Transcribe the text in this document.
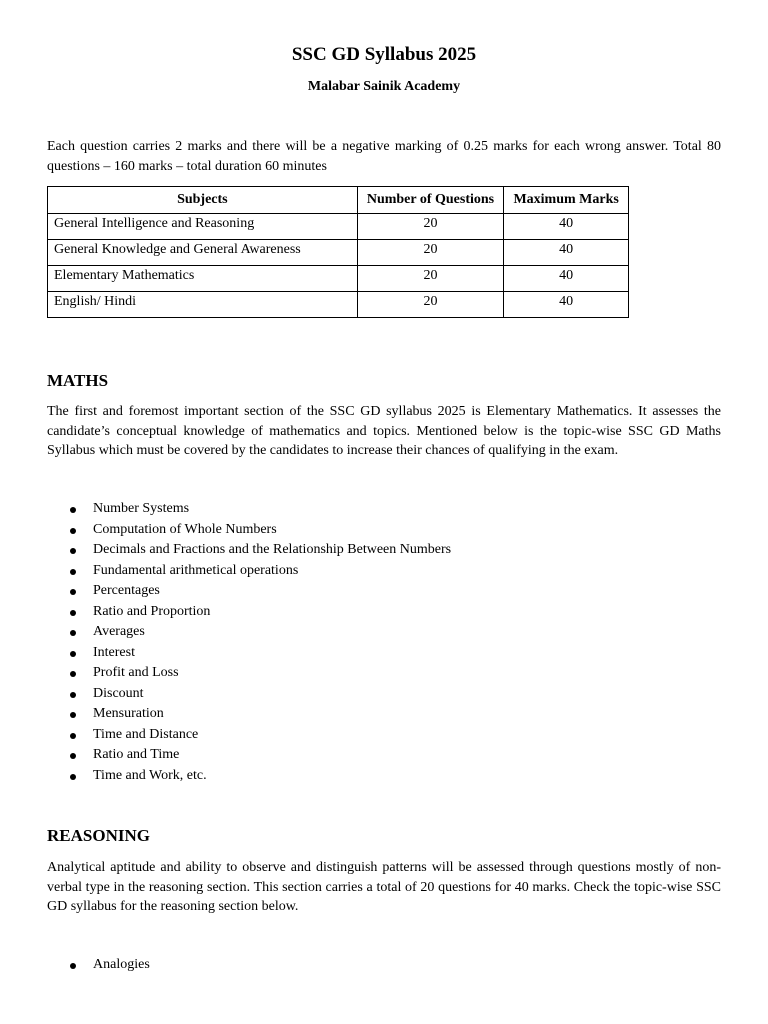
SSC GD Syllabus 2025
Malabar Sainik Academy

Each question carries 2 marks and there will be a negative marking of 0.25 marks for each wrong answer. Total 80 questions – 160 marks – total duration 60 minutes

Subjects	Number of Questions	Maximum Marks
General Intelligence and Reasoning	20	40
General Knowledge and General Awareness	20	40
Elementary Mathematics	20	40
English/ Hindi	20	40
MATHS

The first and foremost important section of the SSC GD syllabus 2025 is Elementary Mathematics. It assesses the candidate’s conceptual knowledge of mathematics and topics. Mentioned below is the topic-wise SSC GD Maths Syllabus which must be covered by the candidates to increase their chances of qualifying in the exam.

Number Systems
Computation of Whole Numbers
Decimals and Fractions and the Relationship Between Numbers
Fundamental arithmetical operations
Percentages
Ratio and Proportion
Averages
Interest
Profit and Loss
Discount
Mensuration
Time and Distance
Ratio and Time
Time and Work, etc.
REASONING

Analytical aptitude and ability to observe and distinguish patterns will be assessed through questions mostly of non-verbal type in the reasoning section. This section carries a total of 20 questions for 40 marks. Check the topic-wise SSC GD syllabus for the reasoning section below.

Analogies
